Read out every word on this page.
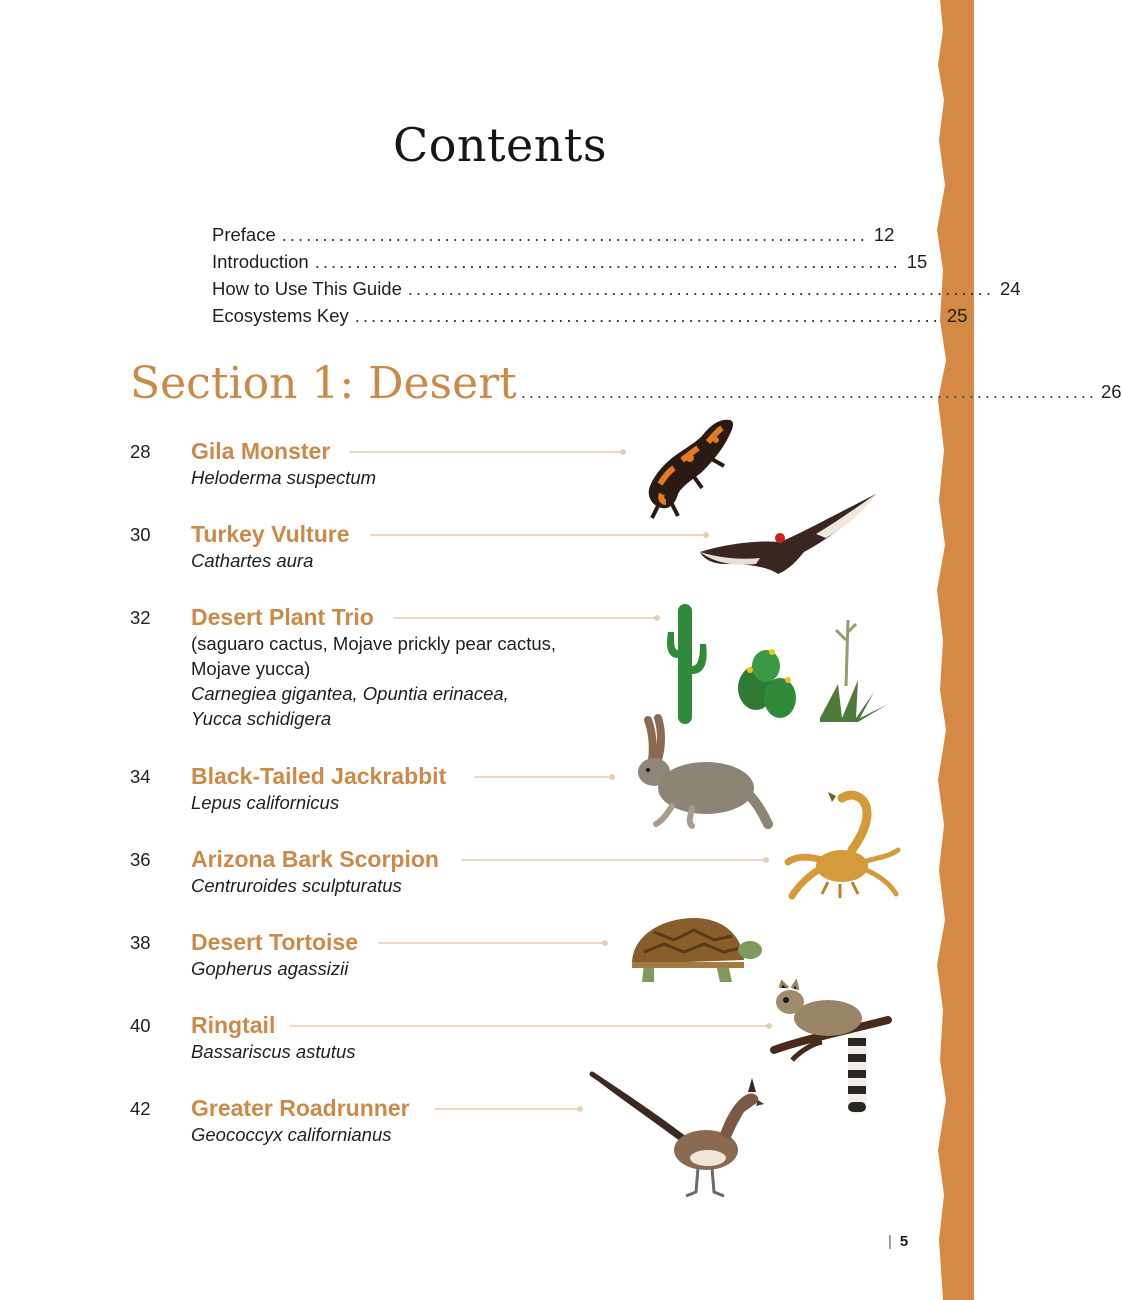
Contents
Preface ........................................................................ 12
Introduction ........................................................................ 15
How to Use This Guide ........................................................................ 24
Ecosystems Key ........................................................................ 25
Section 1: Desert ........................................................................ 26
28 Gila Monster
Heloderma suspectum
30 Turkey Vulture
Cathartes aura
32 Desert Plant Trio
(saguaro cactus, Mojave prickly pear cactus,
Mojave yucca)
Carnegiea gigantea, Opuntia erinacea,
Yucca schidigera
34 Black-Tailed Jackrabbit
Lepus californicus
36 Arizona Bark Scorpion
Centruroides sculpturatus
38 Desert Tortoise
Gopherus agassizii
40 Ringtail
Bassariscus astutus
42 Greater Roadrunner
Geococcyx californianus
| 5
